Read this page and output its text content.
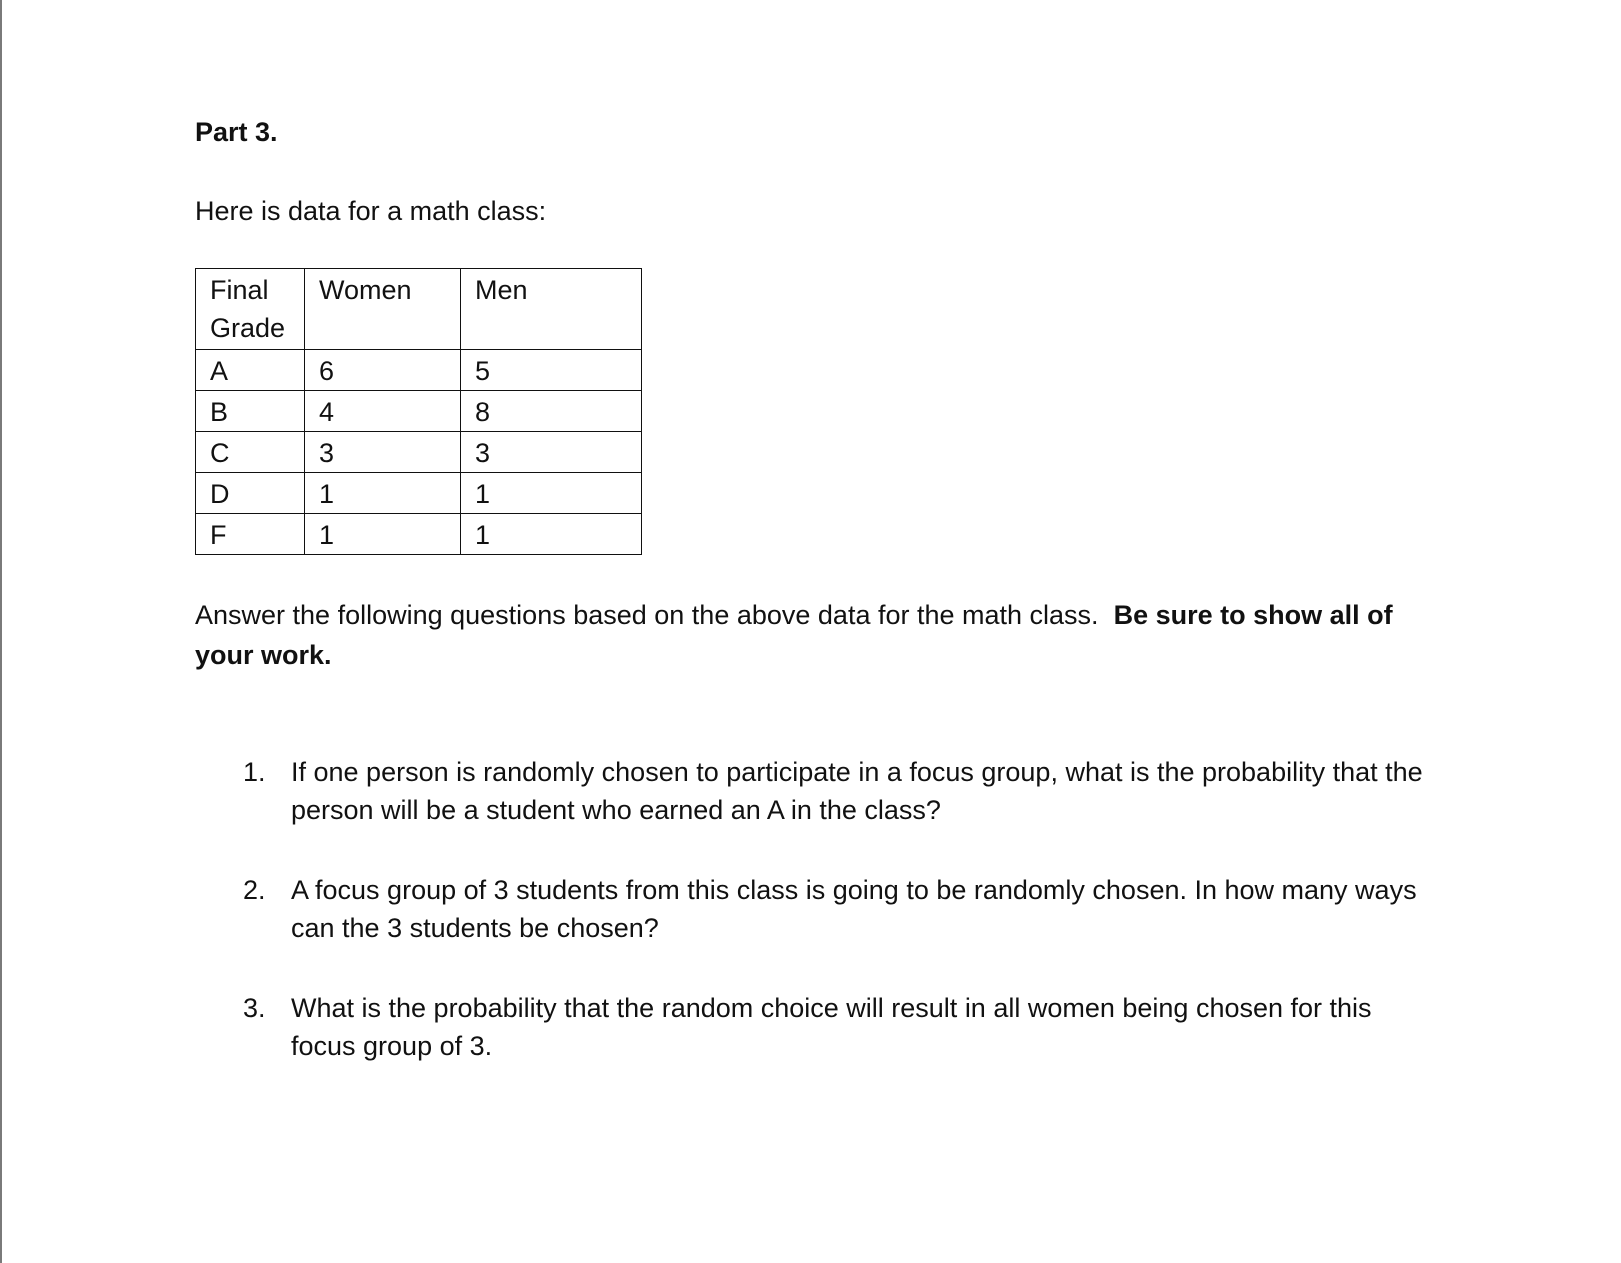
Part 3.
Here is data for a math class:
Final Grade	Women	Men
A	6	5
B	4	8
C	3	3
D	1	1
F	1	1
Answer the following questions based on the above data for the math class. Be sure to show all of your work.
1. If one person is randomly chosen to participate in a focus group, what is the probability that the person will be a student who earned an A in the class?
2. A focus group of 3 students from this class is going to be randomly chosen. In how many ways can the 3 students be chosen?
3. What is the probability that the random choice will result in all women being chosen for this focus group of 3.
